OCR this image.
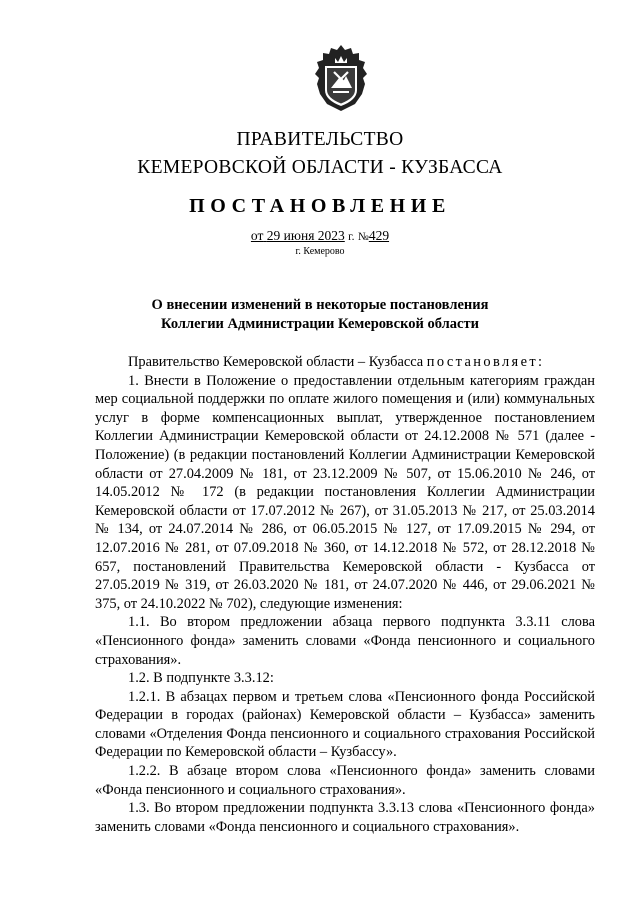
ПРАВИТЕЛЬСТВО
КЕМЕРОВСКОЙ ОБЛАСТИ - КУЗБАССА
ПОСТАНОВЛЕНИЕ
от 29 июня 2023 г. №429
г. Кемерово
О внесении изменений в некоторые постановления
Коллегии Администрации Кемеровской области

Правительство Кемеровской области – Кузбасса постановляет:

1. Внести в Положение о предоставлении отдельным категориям граждан мер социальной поддержки по оплате жилого помещения и (или) коммунальных услуг в форме компенсационных выплат, утвержденное постановлением Коллегии Администрации Кемеровской области от 24.12.2008 № 571 (далее - Положение) (в редакции постановлений Коллегии Администрации Кемеровской области от 27.04.2009 № 181, от 23.12.2009 № 507, от 15.06.2010 № 246, от 14.05.2012 № 172 (в редакции постановления Коллегии Администрации Кемеровской области от 17.07.2012 № 267), от 31.05.2013 № 217, от 25.03.2014 № 134, от 24.07.2014 № 286, от 06.05.2015 № 127, от 17.09.2015 № 294, от 12.07.2016 № 281, от 07.09.2018 № 360, от 14.12.2018 № 572, от 28.12.2018 № 657, постановлений Правительства Кемеровской области - Кузбасса от 27.05.2019 № 319, от 26.03.2020 № 181, от 24.07.2020 № 446, от 29.06.2021 № 375, от 24.10.2022 № 702), следующие изменения:

1.1. Во втором предложении абзаца первого подпункта 3.3.11 слова «Пенсионного фонда» заменить словами «Фонда пенсионного и социального страхования».

1.2. В подпункте 3.3.12:

1.2.1. В абзацах первом и третьем слова «Пенсионного фонда Российской Федерации в городах (районах) Кемеровской области – Кузбасса» заменить словами «Отделения Фонда пенсионного и социального страхования Российской Федерации по Кемеровской области – Кузбассу».

1.2.2. В абзаце втором слова «Пенсионного фонда» заменить словами «Фонда пенсионного и социального страхования».

1.3. Во втором предложении подпункта 3.3.13 слова «Пенсионного фонда» заменить словами «Фонда пенсионного и социального страхования».
